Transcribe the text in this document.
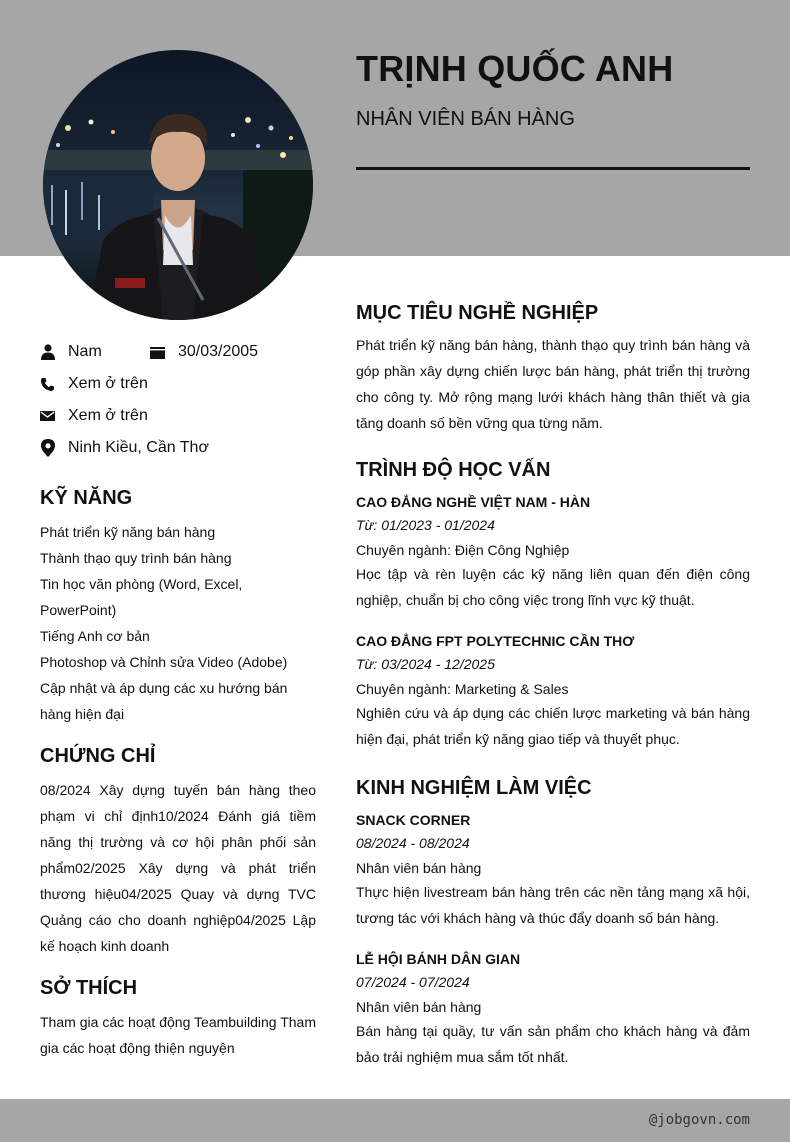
TRỊNH QUỐC ANH
NHÂN VIÊN BÁN HÀNG
Nam	30/03/2005
Xem ở trên
Xem ở trên
Ninh Kiều, Cần Thơ
KỸ NĂNG
Phát triển kỹ năng bán hàng
Thành thạo quy trình bán hàng
Tin học văn phòng (Word, Excel, PowerPoint)
Tiếng Anh cơ bản
Photoshop và Chỉnh sửa Video (Adobe)
Cập nhật và áp dụng các xu hướng bán hàng hiện đại
CHỨNG CHỈ
08/2024 Xây dựng tuyến bán hàng theo phạm vi chỉ định10/2024 Đánh giá tiềm năng thị trường và cơ hội phân phối sản phẩm02/2025 Xây dựng và phát triển thương hiệu04/2025 Quay và dựng TVC Quảng cáo cho doanh nghiệp04/2025 Lập kế hoạch kinh doanh
SỞ THÍCH
Tham gia các hoạt động Teambuilding Tham gia các hoạt động thiện nguyện
MỤC TIÊU NGHỀ NGHIỆP
Phát triển kỹ năng bán hàng, thành thạo quy trình bán hàng và góp phần xây dựng chiến lược bán hàng, phát triển thị trường cho công ty. Mở rộng mạng lưới khách hàng thân thiết và gia tăng doanh số bền vững qua từng năm.
TRÌNH ĐỘ HỌC VẤN
CAO ĐẲNG NGHỀ VIỆT NAM - HÀN
Từ: 01/2023 - 01/2024
Chuyên ngành: Điện Công Nghiệp
Học tập và rèn luyện các kỹ năng liên quan đến điện công nghiệp, chuẩn bị cho công việc trong lĩnh vực kỹ thuật.
CAO ĐẲNG FPT POLYTECHNIC CẦN THƠ
Từ: 03/2024 - 12/2025
Chuyên ngành: Marketing & Sales
Nghiên cứu và áp dụng các chiến lược marketing và bán hàng hiện đại, phát triển kỹ năng giao tiếp và thuyết phục.
KINH NGHIỆM LÀM VIỆC
SNACK CORNER
08/2024 - 08/2024
Nhân viên bán hàng
Thực hiện livestream bán hàng trên các nền tảng mạng xã hội, tương tác với khách hàng và thúc đẩy doanh số bán hàng.
LỄ HỘI BÁNH DÂN GIAN
07/2024 - 07/2024
Nhân viên bán hàng
Bán hàng tại quầy, tư vấn sản phẩm cho khách hàng và đảm bảo trải nghiệm mua sắm tốt nhất.
@jobgovn.com
